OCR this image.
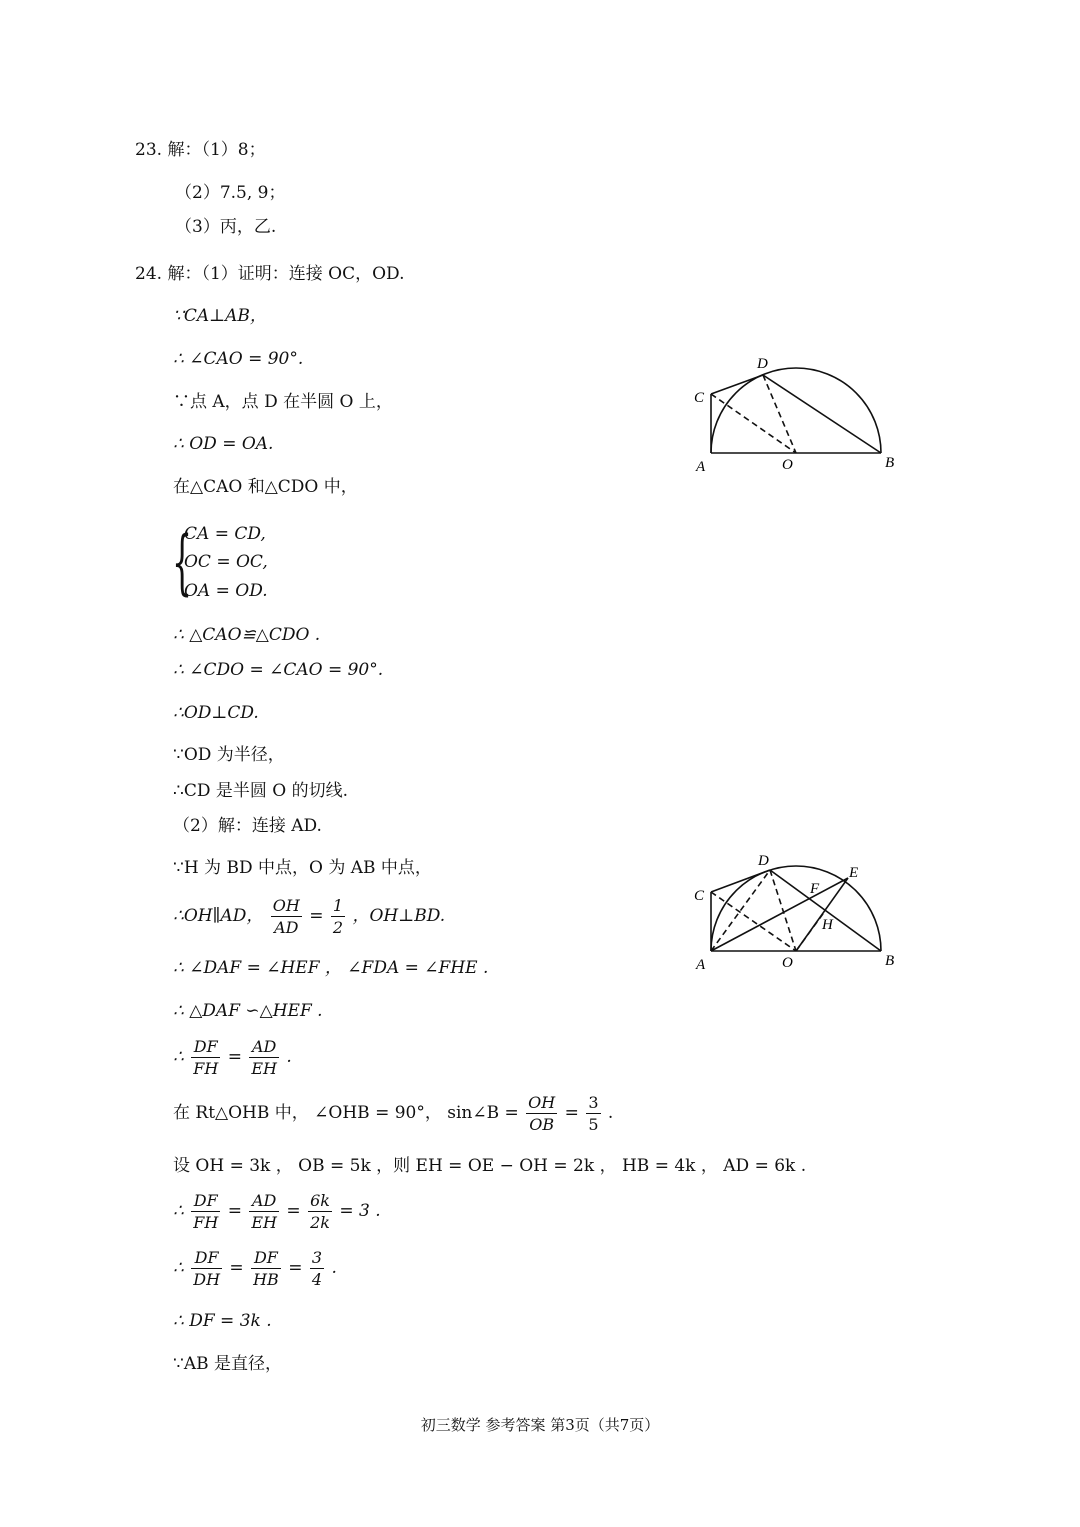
23. 解：（1）8；
（2）7.5, 9；
（3）丙，乙.
24. 解：（1）证明：连接 OC，OD.
∵CA⊥AB，
∴ ∠CAO = 90°.
∵点 A，点 D 在半圆 O 上，
∴ OD = OA.
在△CAO 和△CDO 中，
{
CA = CD,
OC = OC,
OA = OD.
∴ △CAO≌△CDO .
∴ ∠CDO = ∠CAO = 90°.
∴OD⊥CD.
∵OD 为半径，
∴CD 是半圆 O 的切线.
（2）解：连接 AD.
∵H 为 BD 中点，O 为 AB 中点，
∴OH∥AD， $\frac{OH}{AD} = \frac{1}{2}$ ，OH⊥BD.
∴ ∠DAF = ∠HEF ， ∠FDA = ∠FHE .
∴ △DAF ∽△HEF .
∴ $\frac{DF}{FH} = \frac{AD}{EH}$ .
在 Rt△OHB 中， ∠OHB = 90°， sin∠B = $\frac{OH}{OB} = \frac{3}{5}$ .
设 OH = 3k ， OB = 5k ，则 EH = OE − OH = 2k ， HB = 4k ， AD = 6k .
∴ $\frac{DF}{FH} = \frac{AD}{EH} = \frac{6k}{2k} = 3$ .
∴ $\frac{DF}{DH} = \frac{DF}{HB} = \frac{3}{4}$ .
∴ DF = 3k .
∵AB 是直径，
C
D
A	O	B
C
D
E
F
H
A	O	B
初三数学 参考答案 第3页（共7页）
